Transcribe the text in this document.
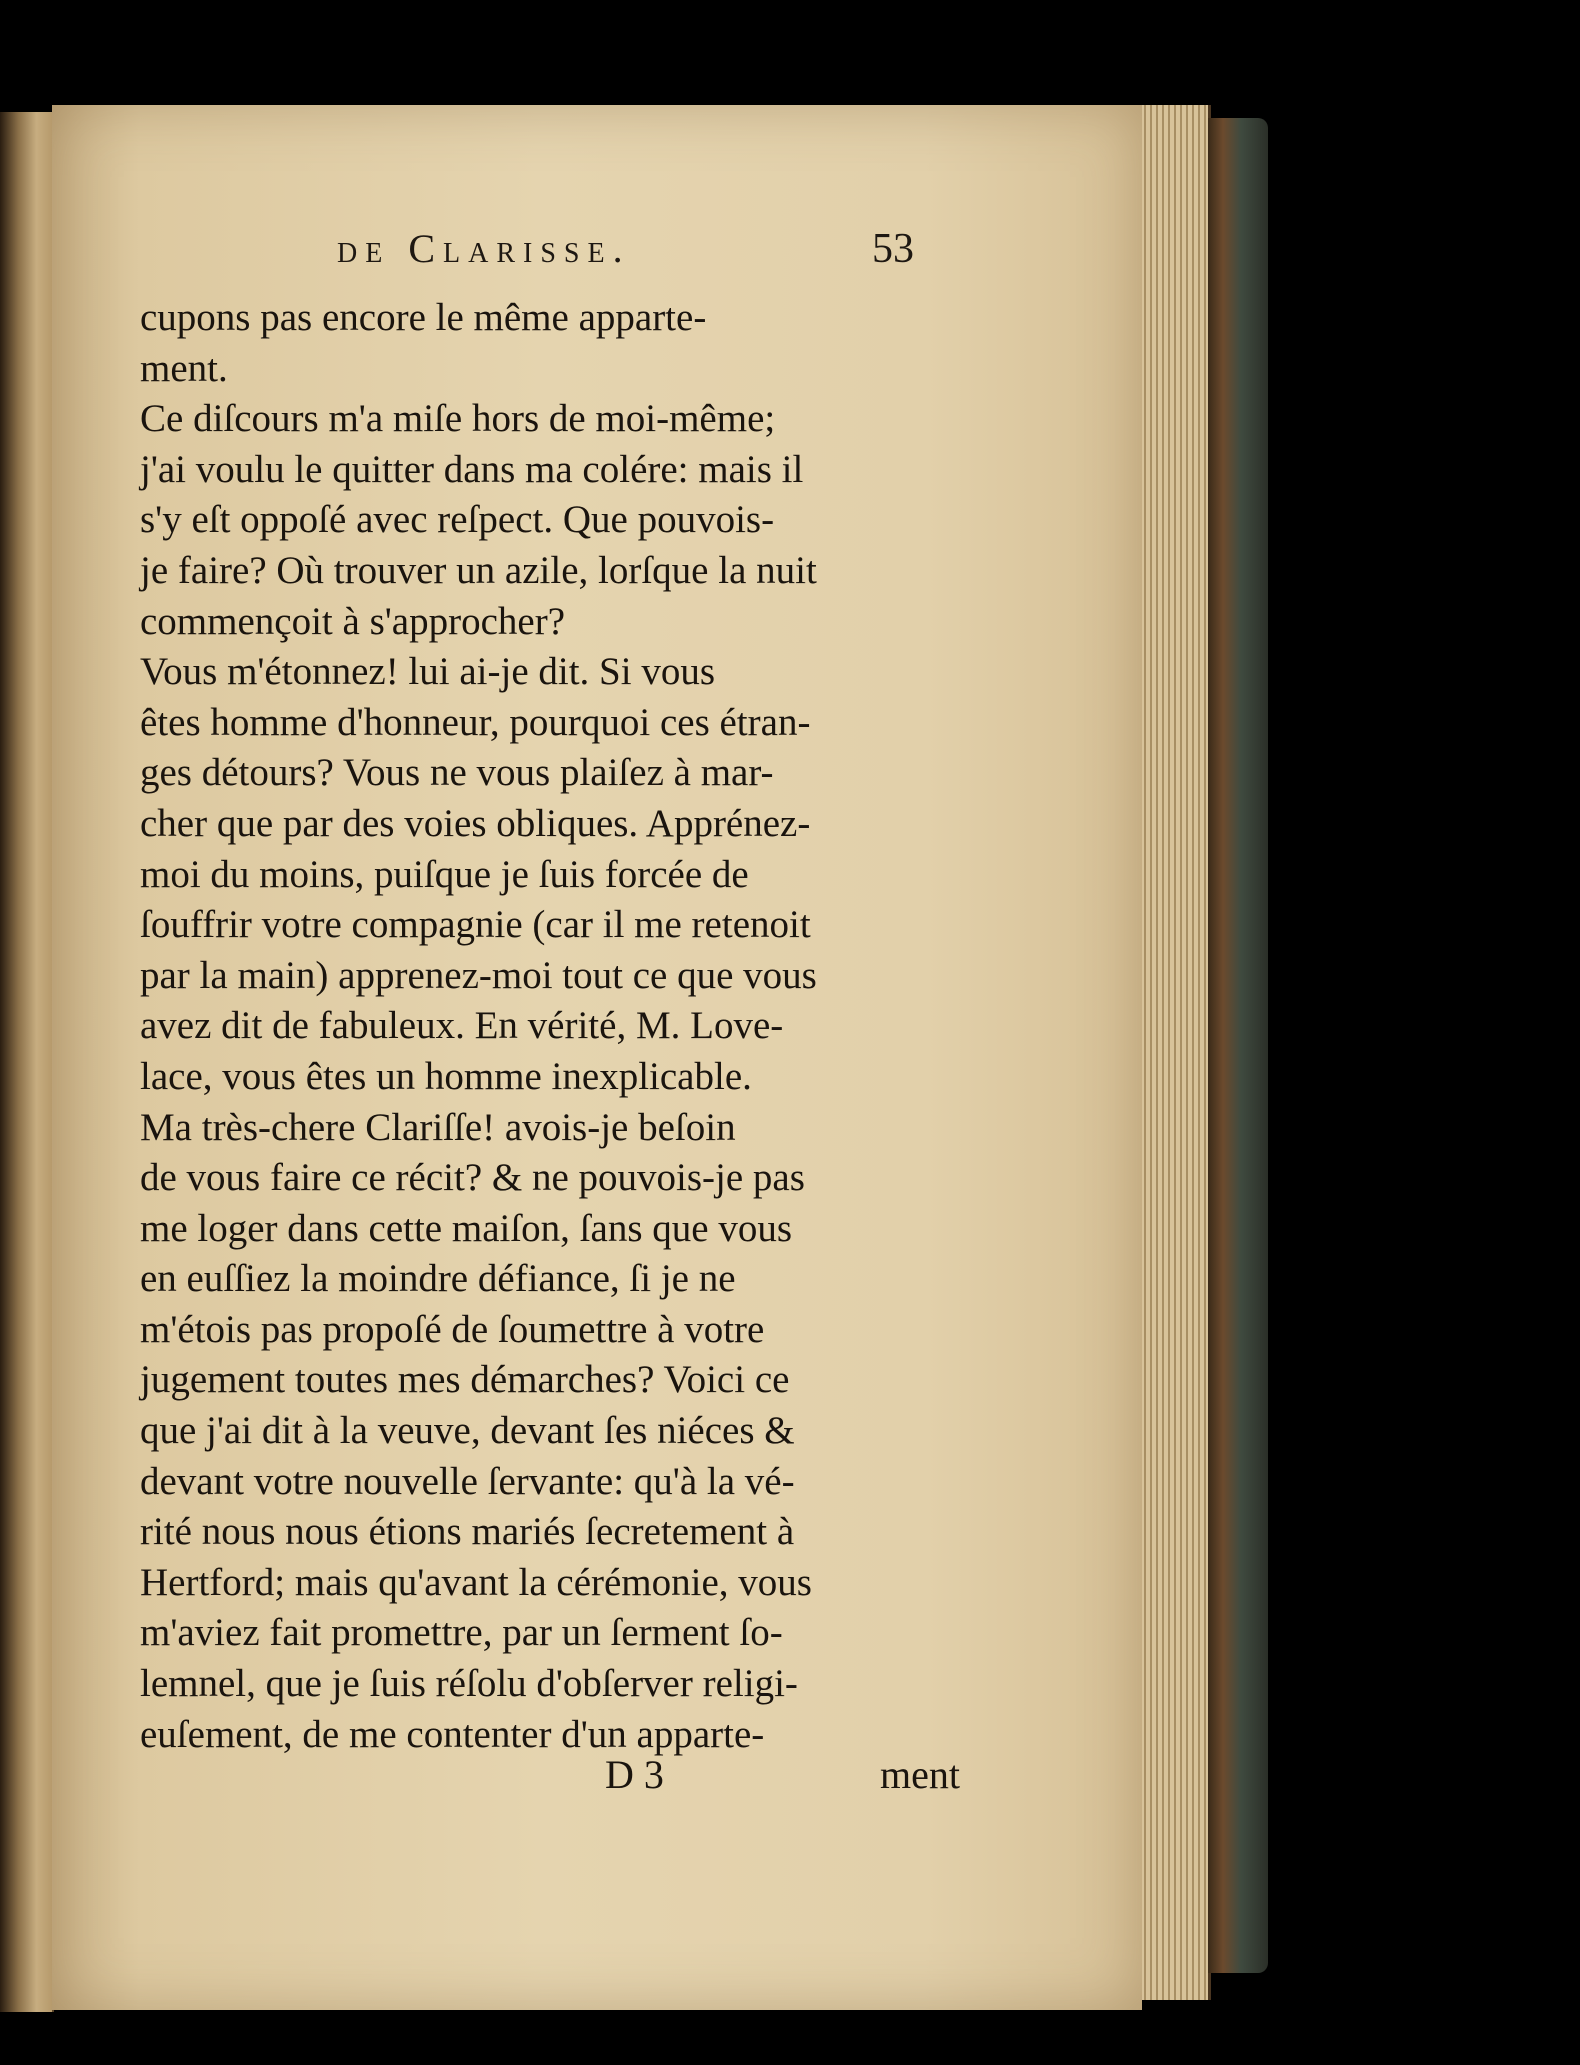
de Clarisse.	53
cupons pas encore le même apparte-
ment.
Ce diſcours m'a miſe hors de moi-même;
j'ai voulu le quitter dans ma colére: mais il
s'y eſt oppoſé avec reſpect. Que pouvois-
je faire? Où trouver un azile, lorſque la nuit
commençoit à s'approcher?
Vous m'étonnez! lui ai-je dit. Si vous
êtes homme d'honneur, pourquoi ces étran-
ges détours? Vous ne vous plaiſez à mar-
cher que par des voies obliques. Apprénez-
moi du moins, puiſque je ſuis forcée de
ſouffrir votre compagnie (car il me retenoit
par la main) apprenez-moi tout ce que vous
avez dit de fabuleux. En vérité, M. Love-
lace, vous êtes un homme inexplicable.
Ma très-chere Clariſſe! avois-je beſoin
de vous faire ce récit? & ne pouvois-je pas
me loger dans cette maiſon, ſans que vous
en euſſiez la moindre défiance, ſi je ne
m'étois pas propoſé de ſoumettre à votre
jugement toutes mes démarches? Voici ce
que j'ai dit à la veuve, devant ſes niéces &
devant votre nouvelle ſervante: qu'à la vé-
rité nous nous étions mariés ſecretement à
Hertford; mais qu'avant la cérémonie, vous
m'aviez fait promettre, par un ſerment ſo-
lemnel, que je ſuis réſolu d'obſerver religi-
euſement, de me contenter d'un apparte-
D 3	ment
